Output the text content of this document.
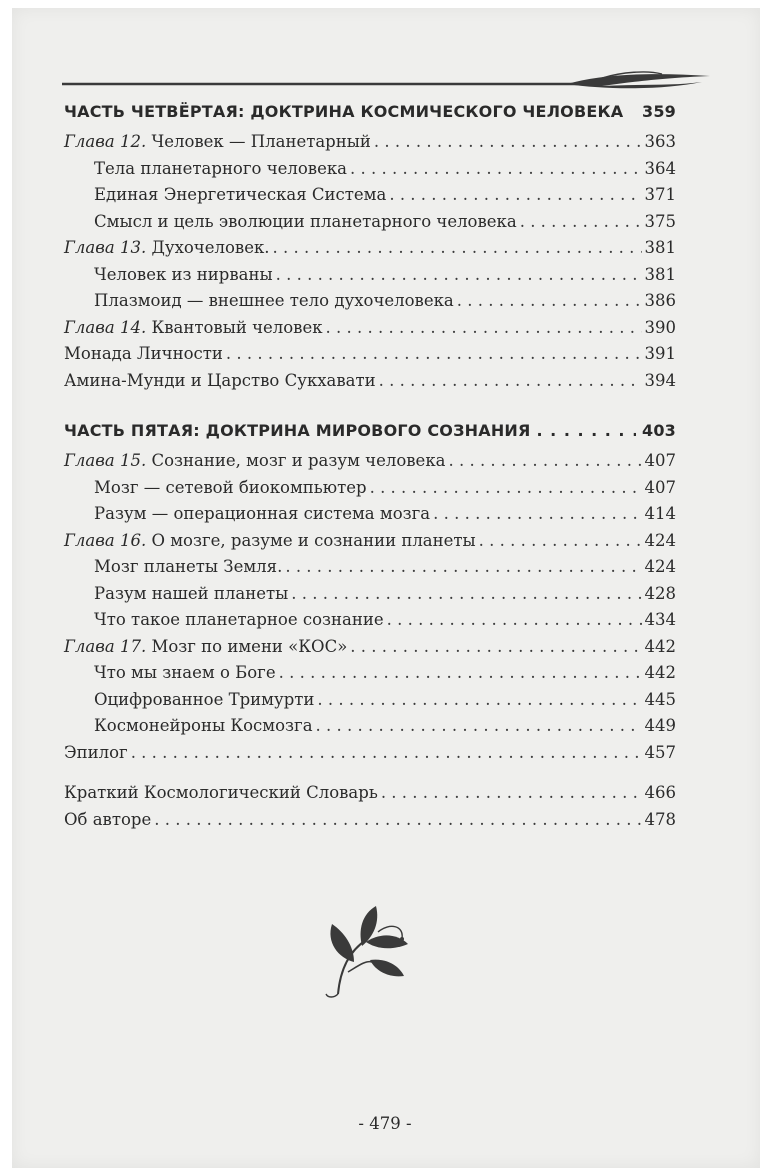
ЧАСТЬ ЧЕТВЁРТАЯ: ДОКТРИНА КОСМИЧЕСКОГО ЧЕЛОВЕКА	359
Глава 12. Человек — Планетарный . . .	363
Тела планетарного человека . . .	364
Единая Энергетическая Система . . .	371
Смысл и цель эволюции планетарного человека . . .	375
Глава 13. Духочеловек. . . .	381
Человек из нирваны . . .	381
Плазмоид — внешнее тело духочеловека . . .	386
Глава 14. Квантовый человек . . .	390
Монада Личности . . .	391
Амина-Мунди и Царство Сукхавати . . .	394
ЧАСТЬ ПЯТАЯ: ДОКТРИНА МИРОВОГО СОЗНАНИЯ . . .	403
Глава 15. Сознание, мозг и разум человека . . .	407
Мозг — сетевой биокомпьютер . . .	407
Разум — операционная система мозга . . .	414
Глава 16. О мозге, разуме и сознании планеты . . .	424
Мозг планеты Земля. . . .	424
Разум нашей планеты . . .	428
Что такое планетарное сознание . . .	434
Глава 17. Мозг по имени «КОС» . . .	442
Что мы знаем о Боге . . .	442
Оцифрованное Тримурти . . .	445
Космонейроны Космозга . . .	449
Эпилог . . .	457
Краткий Космологический Словарь . . .	466
Об авторе . . .	478
- 479 -
